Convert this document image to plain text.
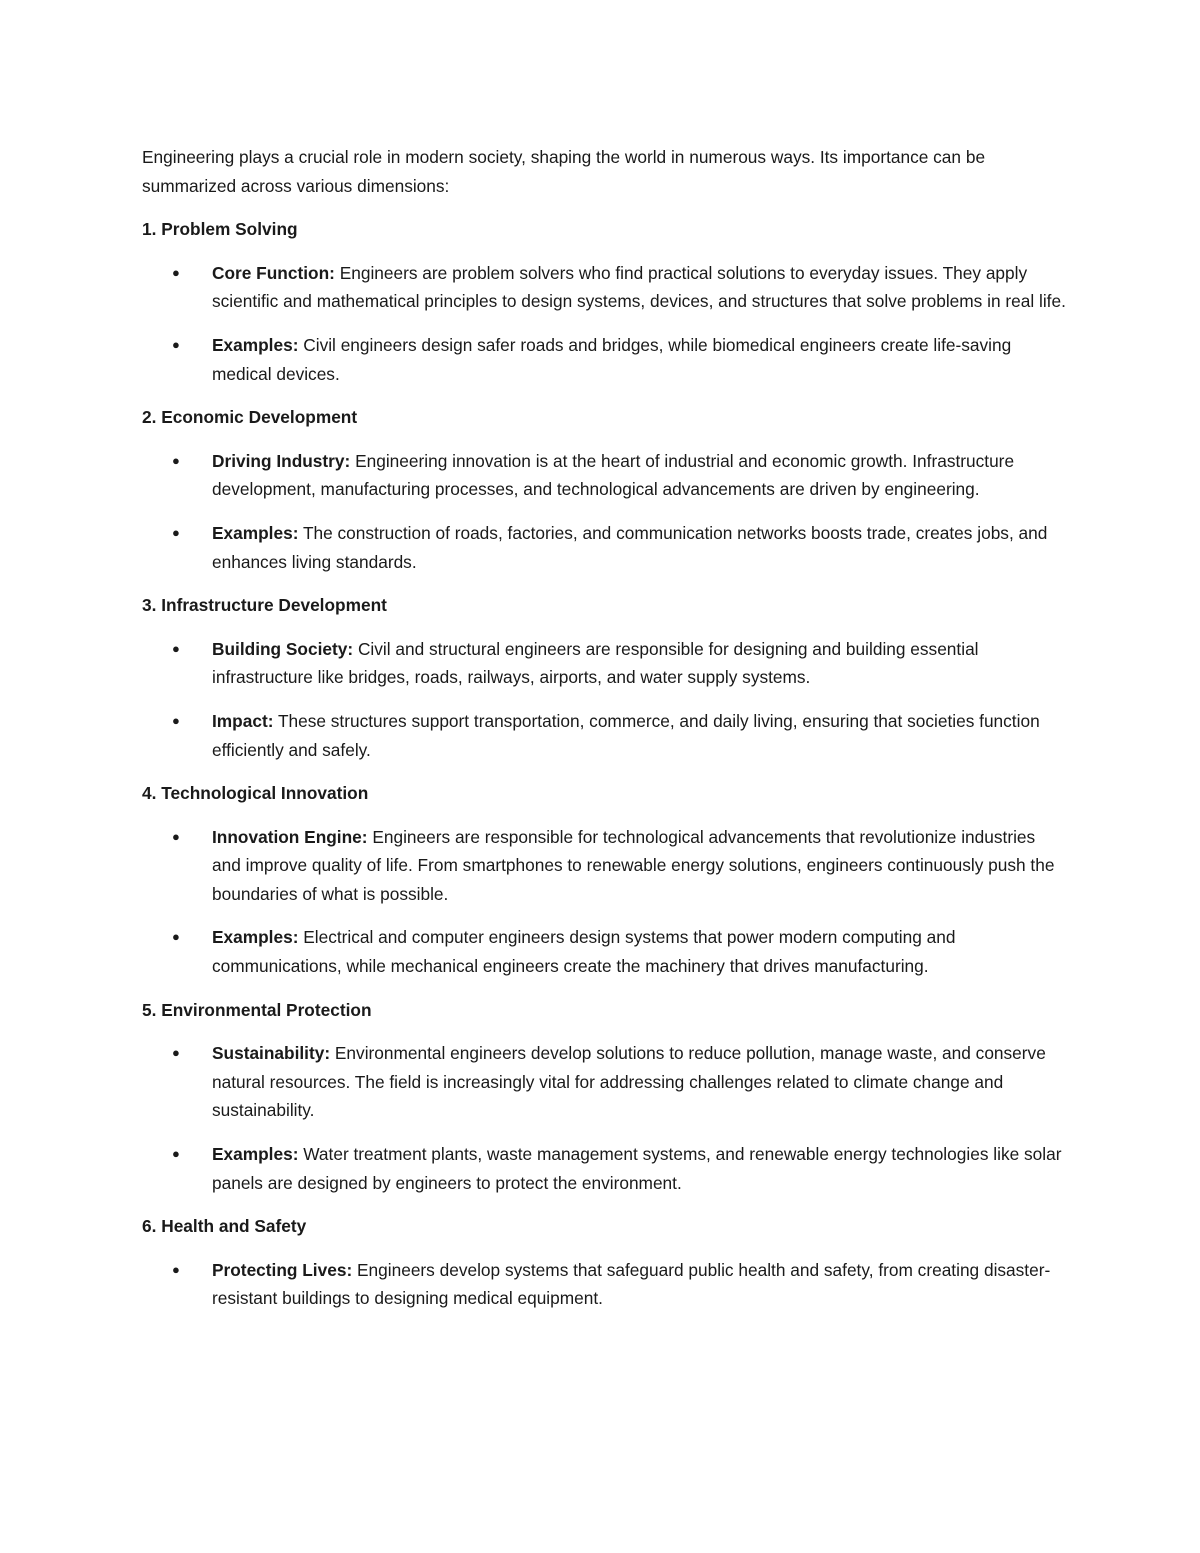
Engineering plays a crucial role in modern society, shaping the world in numerous ways. Its importance can be summarized across various dimensions:

1. Problem Solving

● Core Function: Engineers are problem solvers who find practical solutions to everyday issues. They apply scientific and mathematical principles to design systems, devices, and structures that solve problems in real life.
● Examples: Civil engineers design safer roads and bridges, while biomedical engineers create life-saving medical devices.

2. Economic Development

● Driving Industry: Engineering innovation is at the heart of industrial and economic growth. Infrastructure development, manufacturing processes, and technological advancements are driven by engineering.
● Examples: The construction of roads, factories, and communication networks boosts trade, creates jobs, and enhances living standards.

3. Infrastructure Development

● Building Society: Civil and structural engineers are responsible for designing and building essential infrastructure like bridges, roads, railways, airports, and water supply systems.
● Impact: These structures support transportation, commerce, and daily living, ensuring that societies function efficiently and safely.

4. Technological Innovation

● Innovation Engine: Engineers are responsible for technological advancements that revolutionize industries and improve quality of life. From smartphones to renewable energy solutions, engineers continuously push the boundaries of what is possible.
● Examples: Electrical and computer engineers design systems that power modern computing and communications, while mechanical engineers create the machinery that drives manufacturing.

5. Environmental Protection

● Sustainability: Environmental engineers develop solutions to reduce pollution, manage waste, and conserve natural resources. The field is increasingly vital for addressing challenges related to climate change and sustainability.
● Examples: Water treatment plants, waste management systems, and renewable energy technologies like solar panels are designed by engineers to protect the environment.

6. Health and Safety

● Protecting Lives: Engineers develop systems that safeguard public health and safety, from creating disaster-resistant buildings to designing medical equipment.
